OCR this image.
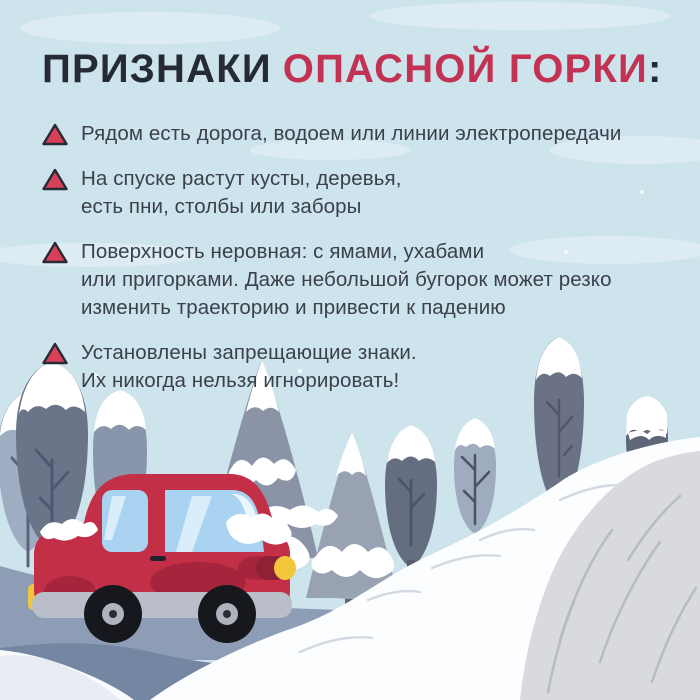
ПРИЗНАКИ ОПАСНОЙ ГОРКИ:
Рядом есть дорога, водоем или линии электропередачи
На спуске растут кусты, деревья,
есть пни, столбы или заборы
Поверхность неровная: с ямами, ухабами
или пригорками. Даже небольшой бугорок может резко
изменить траекторию и привести к падению
Установлены запрещающие знаки.
Их никогда нельзя игнорировать!
